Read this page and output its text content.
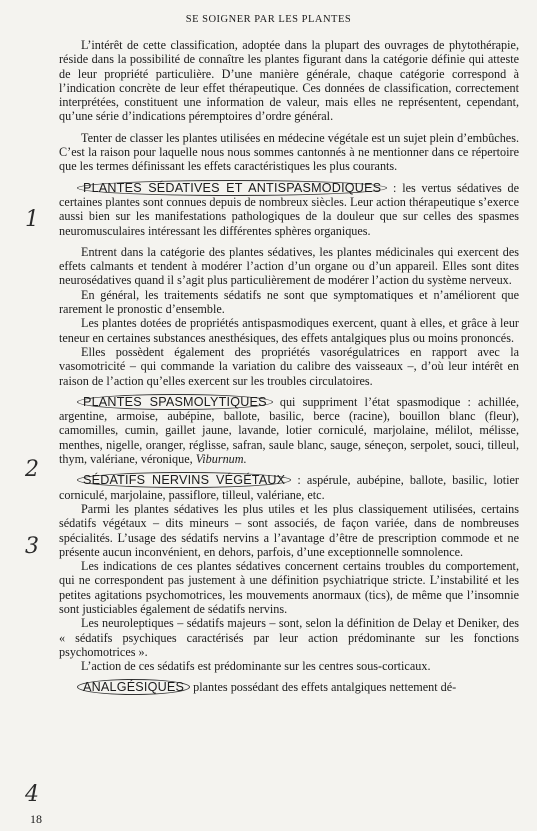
SE SOIGNER PAR LES PLANTES
1
2
3
4

L’intérêt de cette classification, adoptée dans la plupart des ouvrages de phytothérapie, réside dans la possibilité de connaître les plantes figurant dans la catégorie définie qui atteste de leur propriété particulière. D’une manière générale, chaque catégorie correspond à l’indication concrète de leur effet thérapeutique. Ces données de classification, correctement interprétées, constituent une information de valeur, mais elles ne représentent, cependant, qu’une série d’indications péremptoires d’ordre général.

Tenter de classer les plantes utilisées en médecine végétale est un sujet plein d’embûches. C’est la raison pour laquelle nous nous sommes cantonnés à ne mentionner dans ce répertoire que les termes définissant les effets caractéristiques les plus courants.

PLANTES SÉDATIVES ET ANTISPASMODIQUES : les vertus sédatives de certaines plantes sont connues depuis de nombreux siècles. Leur action thérapeutique s’exerce aussi bien sur les manifestations pathologiques de la douleur que sur celles des spasmes neuromusculaires intéressant les différentes sphères organiques.

Entrent dans la catégorie des plantes sédatives, les plantes médicinales qui exercent des effets calmants et tendent à modérer l’action d’un organe ou d’un appareil. Elles sont dites neurosédatives quand il s’agit plus particulièrement de modérer l’action du système nerveux.

En général, les traitements sédatifs ne sont que symptomatiques et n’améliorent que rarement le pronostic d’ensemble.

Les plantes dotées de propriétés antispasmodiques exercent, quant à elles, et grâce à leur teneur en certaines substances anesthésiques, des effets antalgiques plus ou moins prononcés.

Elles possèdent également des propriétés vasorégulatrices en rapport avec la vasomotricité – qui commande la variation du calibre des vaisseaux –, d’où leur intérêt en raison de l’action qu’elles exercent sur les troubles circulatoires.

PLANTES SPASMOLYTIQUES qui suppriment l’état spasmodique : achillée, argentine, armoise, aubépine, ballote, basilic, berce (racine), bouillon blanc (fleur), camomilles, cumin, gaillet jaune, lavande, lotier corniculé, marjolaine, mélilot, mélisse, menthes, nigelle, oranger, réglisse, safran, saule blanc, sauge, séneçon, serpolet, souci, tilleul, thym, valériane, véronique, Viburnum.

SÉDATIFS NERVINS VÉGÉTAUX : aspérule, aubépine, ballote, basilic, lotier corniculé, marjolaine, passiflore, tilleul, valériane, etc.

Parmi les plantes sédatives les plus utiles et les plus classiquement utilisées, certains sédatifs végétaux – dits mineurs – sont associés, de façon variée, dans de nombreuses spécialités. L’usage des sédatifs nervins a l’avantage d’être de prescription commode et ne présente aucun inconvénient, en dehors, parfois, d’une exceptionnelle somnolence.

Les indications de ces plantes sédatives concernent certains troubles du comportement, qui ne correspondent pas justement à une définition psychiatrique stricte. L’instabilité et les petites agitations psychomotrices, les mouvements anormaux (tics), de même que l’insomnie sont justiciables également de sédatifs nervins.

Les neuroleptiques – sédatifs majeurs – sont, selon la définition de Delay et Deniker, des « sédatifs psychiques caractérisés par leur action prédominante sur les fonctions psychomotrices ».

L’action de ces sédatifs est prédominante sur les centres sous-corticaux.

ANALGÉSIQUES plantes possédant des effets antalgiques nettement dé-

18
